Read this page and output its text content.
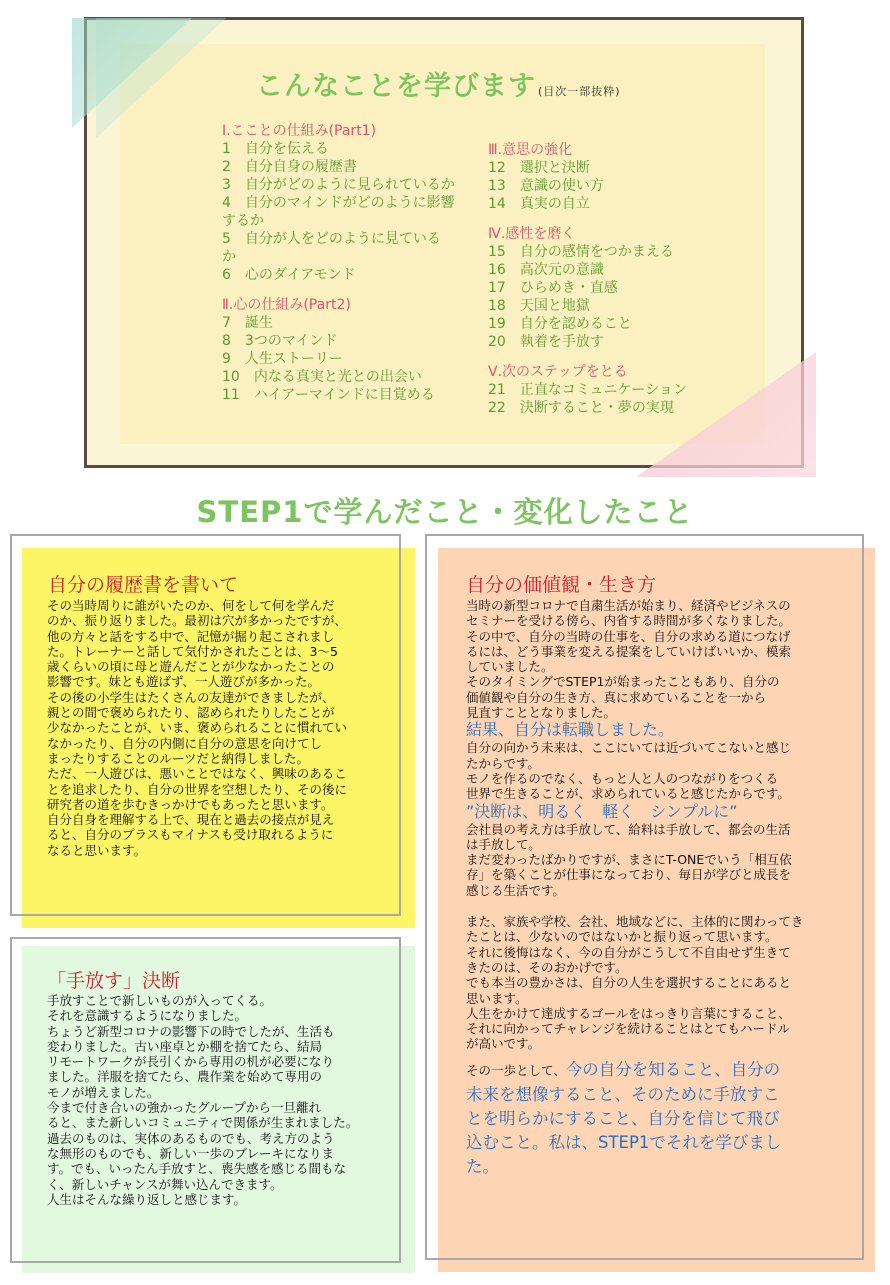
こんなことを学びます (目次一部抜粋)
Ⅰ.こことの仕組み(Part1)
1　自分を伝える
2　自分自身の履歴書
3　自分がどのように見られているか
4　自分のマインドがどのように影響
するか
5　自分が人をどのように見ている
か
6　心のダイアモンド
Ⅱ.心の仕組み(Part2)
7　誕生
8　3つのマインド
9　人生ストーリー
10　内なる真実と光との出会い
11　ハイアーマインドに目覚める
Ⅲ.意思の強化
12　選択と決断
13　意識の使い方
14　真実の自立
Ⅳ.感性を磨く
15　自分の感情をつかまえる
16　高次元の意識
17　ひらめき・直感
18　天国と地獄
19　自分を認めること
20　執着を手放す
Ⅴ.次のステップをとる
21　正直なコミュニケーション
22　決断すること・夢の実現
STEP1で学んだこと・変化したこと
自分の履歴書を書いて
その当時周りに誰がいたのか、何をして何を学んだ
のか、振り返りました。最初は穴が多かったですが、
他の方々と話をする中で、記憶が掘り起こされまし
た。トレーナーと話して気付かされたことは、3～5
歳くらいの頃に母と遊んだことが少なかったことの
影響です。妹とも遊ばず、一人遊びが多かった。
その後の小学生はたくさんの友達ができましたが、
親との間で褒められたり、認められたりしたことが
少なかったことが、いま、褒められることに慣れてい
なかったり、自分の内側に自分の意思を向けてし
まったりすることのルーツだと納得しました。
ただ、一人遊びは、悪いことではなく、興味のあるこ
とを追求したり、自分の世界を空想したり、その後に
研究者の道を歩むきっかけでもあったと思います。
自分自身を理解する上で、現在と過去の接点が見え
ると、自分のプラスもマイナスも受け取れるように
なると思います。
「手放す」決断
手放すことで新しいものが入ってくる。
それを意識するようになりました。
ちょうど新型コロナの影響下の時でしたが、生活も
変わりました。古い座卓とか棚を捨てたら、結局
リモートワークが長引くから専用の机が必要になり
ました。洋服を捨てたら、農作業を始めて専用の
モノが増えました。
今まで付き合いの強かったグループから一旦離れ
ると、また新しいコミュニティで関係が生まれました。
過去のものは、実体のあるものでも、考え方のよう
な無形のものでも、新しい一歩のブレーキになりま
す。でも、いったん手放すと、喪失感を感じる間もな
く、新しいチャンスが舞い込んできます。
人生はそんな繰り返しと感じます。
自分の価値観・生き方
当時の新型コロナで自粛生活が始まり、経済やビジネスの
セミナーを受ける傍ら、内省する時間が多くなりました。
その中で、自分の当時の仕事を、自分の求める道につなげ
るには、どう事業を変える提案をしていけばいいか、模索
していました。
そのタイミングでSTEP1が始まったこともあり、自分の
価値観や自分の生き方、真に求めていることを一から
見直すこととなりました。
結果、自分は転職しました。
自分の向かう未来は、ここにいては近づいてこないと感じ
たからです。
モノを作るのでなく、もっと人と人のつながりをつくる
世界で生きることが、求められていると感じたからです。
”決断は、明るく　軽く　シンプルに”
会社員の考え方は手放して、給料は手放して、都会の生活
は手放して。
まだ変わったばかりですが、まさにT-ONEでいう「相互依
存」を築くことが仕事になっており、毎日が学びと成長を
感じる生活です。
また、家族や学校、会社、地域などに、主体的に関わってき
たことは、少ないのではないかと振り返って思います。
それに後悔はなく、今の自分がこうして不自由せず生きて
きたのは、そのおかげです。
でも本当の豊かさは、自分の人生を選択することにあると
思います。
人生をかけて達成するゴールをはっきり言葉にすること、
それに向かってチャレンジを続けることはとてもハードル
が高いです。
その一歩として、今の自分を知ること、自分の
未来を想像すること、そのために手放すこ
とを明らかにすること、自分を信じて飛び
込むこと。私は、STEP1でそれを学びまし
た。
